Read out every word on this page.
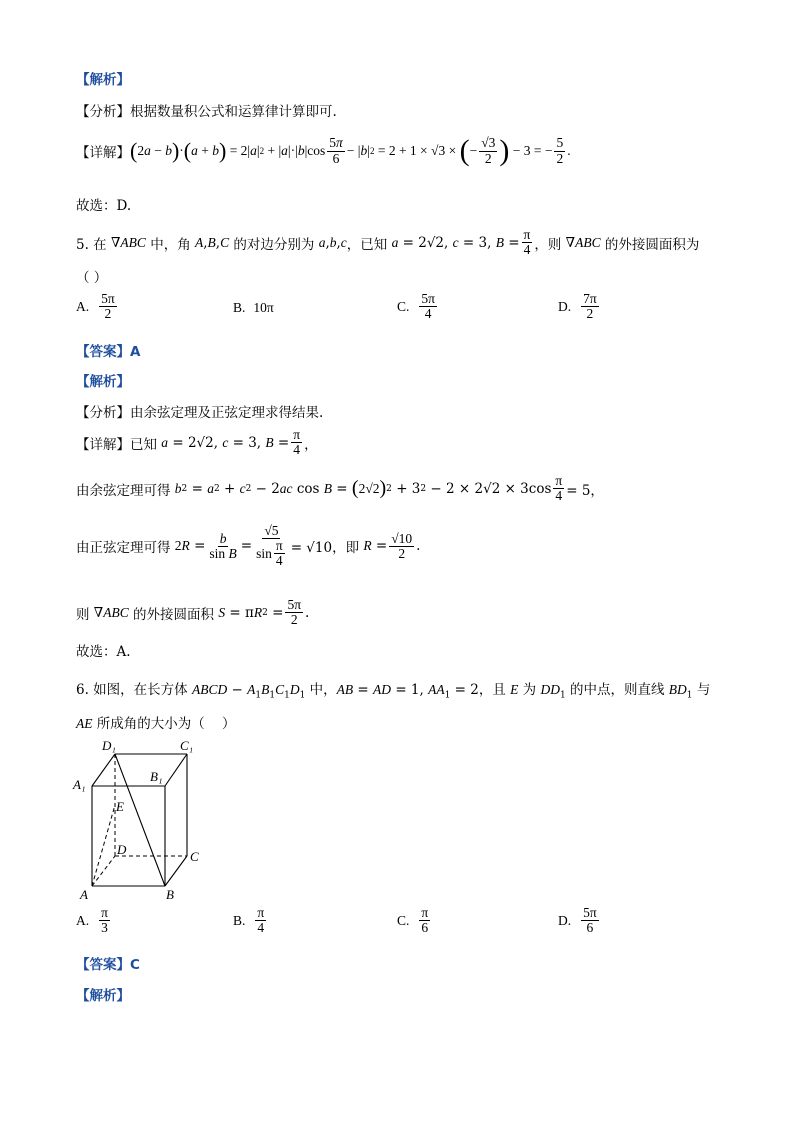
【解析】
【分析】根据数量积公式和运算律计算即可.
【详解】 ( 2 a − b ) · ( a + b ) = 2| a | 2 + | a |·| b $|\cos \frac{5\pi}{6}$ − | b | 2 = 2 + 1 × √3 × ( − $\frac{√3}{2}$ ) − 3 = − $\frac{5}{2}$ .
故选：D.
5. 在 ∇ ABC 中，角 A , B , C 的对边分别为 a , b , c ，已知 a = 2√2, c = 3, $B = \frac{\pi}{4}$ ，则 ∇ ABC 的外接圆面积为
（ ）
A. $\frac{5\pi}{2}$	B. 10π	C. $\frac{5\pi}{4}$	D. $\frac{7\pi}{2}$
【答案】A
【解析】
【分析】由余弦定理及正弦定理求得结果.
【详解】 已知 a = 2√2, c = 3, $B = \frac{\pi}{4}$ ，
由余弦定理可得 b 2 = a 2 + c 2 − 2 ac cos B = ( 2√2 ) 2 + 3 $2 - 2 \times 2√2 \times 3\cos \frac{\pi}{4} = 5$，
由正弦定理可得 2 $R = \frac{b}{\text{sin B}} = \frac{√5}{\sin \frac{\pi}{4}} = √10$，即 $R = \frac{√10}{2}$ .
则 ∇ ABC 的外接圆面积 S = π R $2 = \frac{5\pi}{2}$ .
故选：A.
6. 如图，在长方体 ABCD − $A_1B_1C_1D_1$ 中，AB = AD = 1, $AA_1 = 2$，且 E 为 $DD_1$ 的中点，则直线 $BD_1$ 与
AE 所成角的大小为（    ）
D₁	C₁
A₁
B₁
E
D	C
A	B
A. $\frac{\pi}{3}$	B. $\frac{\pi}{4}$	C. $\frac{\pi}{6}$	D. $\frac{5\pi}{6}$
【答案】C
【解析】
